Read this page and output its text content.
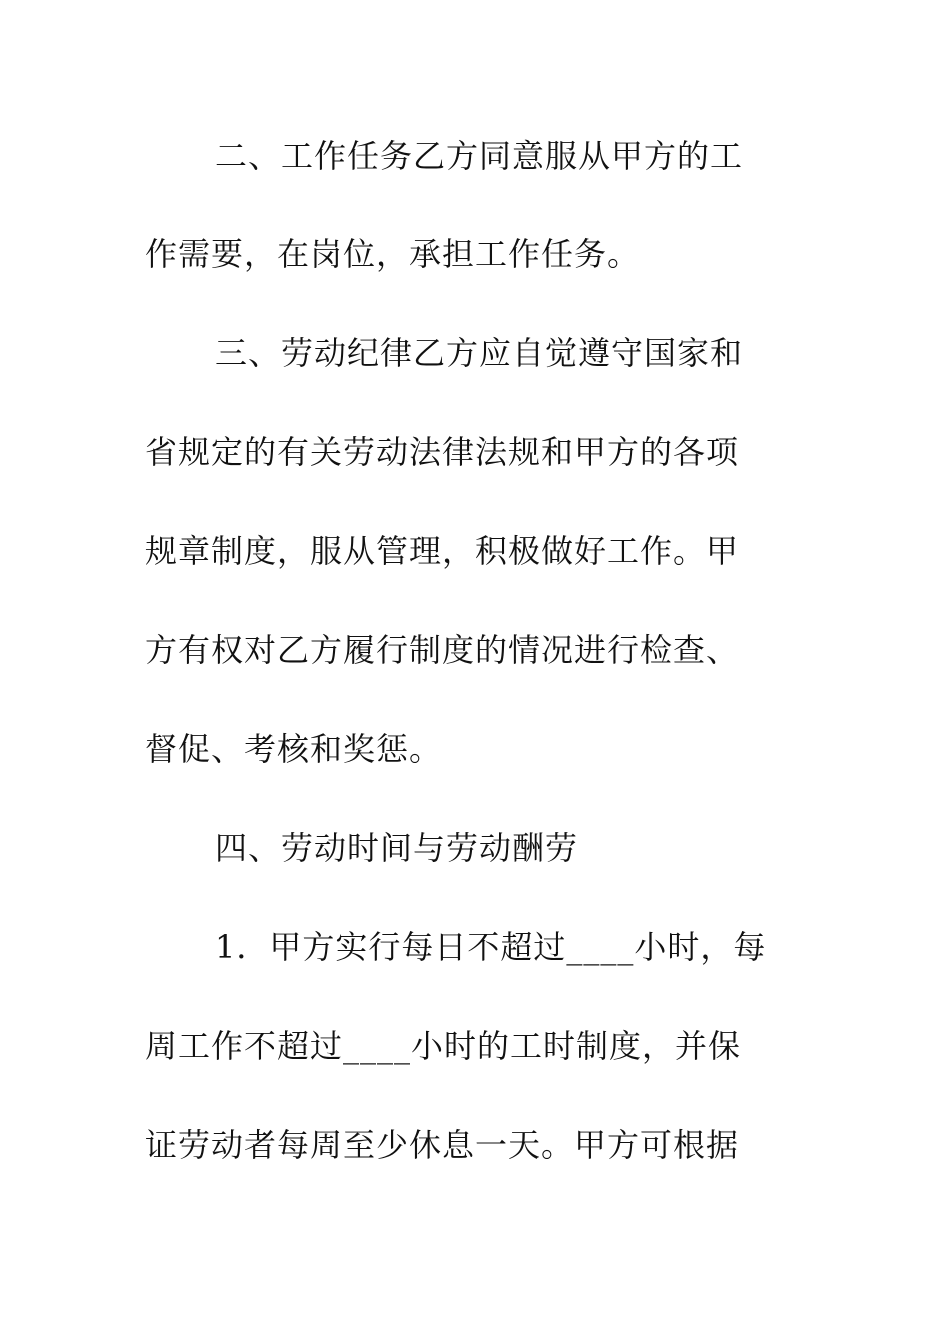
二、工作任务乙方同意服从甲方的工
作需要，在岗位，承担工作任务。
三、劳动纪律乙方应自觉遵守国家和
省规定的有关劳动法律法规和甲方的各项
规章制度，服从管理，积极做好工作。甲
方有权对乙方履行制度的情况进行检查、
督促、考核和奖惩。
四、劳动时间与劳动酬劳
1．甲方实行每日不超过____小时，每
周工作不超过____小时的工时制度，并保
证劳动者每周至少休息一天。甲方可根据
